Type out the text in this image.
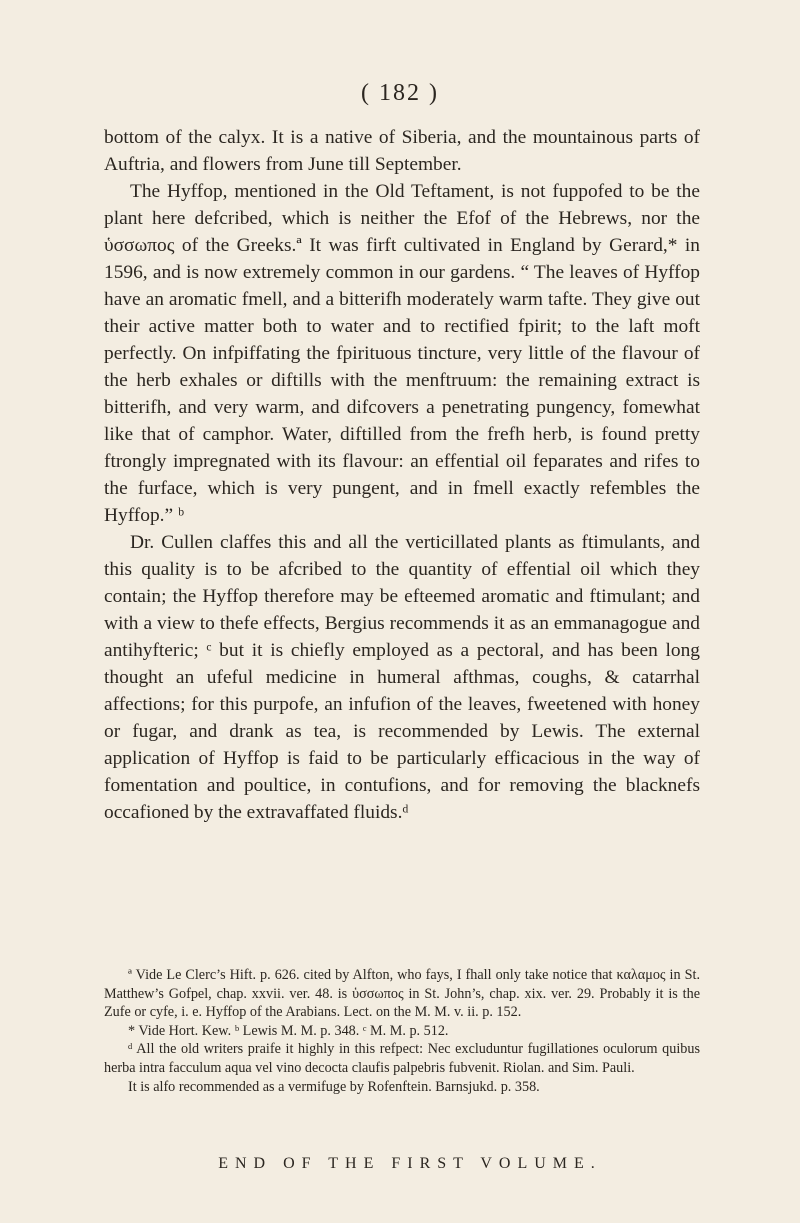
( 182 )

bottom of the calyx. It is a native of Siberia, and the mountainous parts of Auftria, and flowers from June till September.

The Hyffop, mentioned in the Old Teftament, is not fuppofed to be the plant here defcribed, which is neither the Efof of the Hebrews, nor the ὑσσωπος of the Greeks.ª It was firft cultivated in England by Gerard,* in 1596, and is now extremely common in our gardens. “ The leaves of Hyffop have an aromatic fmell, and a bitterifh moderately warm tafte. They give out their active matter both to water and to rectified fpirit; to the laft moft perfectly. On infpiffating the fpirituous tincture, very little of the flavour of the herb exhales or diftills with the menftruum: the remaining extract is bitterifh, and very warm, and difcovers a penetrating pungency, fomewhat like that of camphor. Water, diftilled from the frefh herb, is found pretty ftrongly impregnated with its flavour: an effential oil feparates and rifes to the furface, which is very pungent, and in fmell exactly refembles the Hyffop.” ᵇ

Dr. Cullen claffes this and all the verticillated plants as ftimulants, and this quality is to be afcribed to the quantity of effential oil which they contain; the Hyffop therefore may be efteemed aromatic and ftimulant; and with a view to thefe effects, Bergius recommends it as an emmanagogue and antihyfteric; ᶜ but it is chiefly employed as a pectoral, and has been long thought an ufeful medicine in humeral afthmas, coughs, & catarrhal affections; for this purpofe, an infufion of the leaves, fweetened with honey or fugar, and drank as tea, is recommended by Lewis. The external application of Hyffop is faid to be particularly efficacious in the way of fomentation and poultice, in contufions, and for removing the blacknefs occafioned by the extravaffated fluids.ᵈ

ª Vide Le Clerc’s Hift. p. 626. cited by Alfton, who fays, I fhall only take notice that καλαμος in St. Matthew’s Gofpel, chap. xxvii. ver. 48. is ὑσσωπος in St. John’s, chap. xix. ver. 29. Probably it is the Zufe or cyfe, i. e. Hyffop of the Arabians. Lect. on the M. M. v. ii. p. 152.

* Vide Hort. Kew. ᵇ Lewis M. M. p. 348. ᶜ M. M. p. 512.

ᵈ All the old writers praife it highly in this refpect: Nec excluduntur fugillationes oculorum quibus herba intra facculum aqua vel vino decocta claufis palpebris fubvenit. Riolan. and Sim. Pauli.

It is alfo recommended as a vermifuge by Rofenftein. Barnsjukd. p. 358.

END OF THE FIRST VOLUME.
